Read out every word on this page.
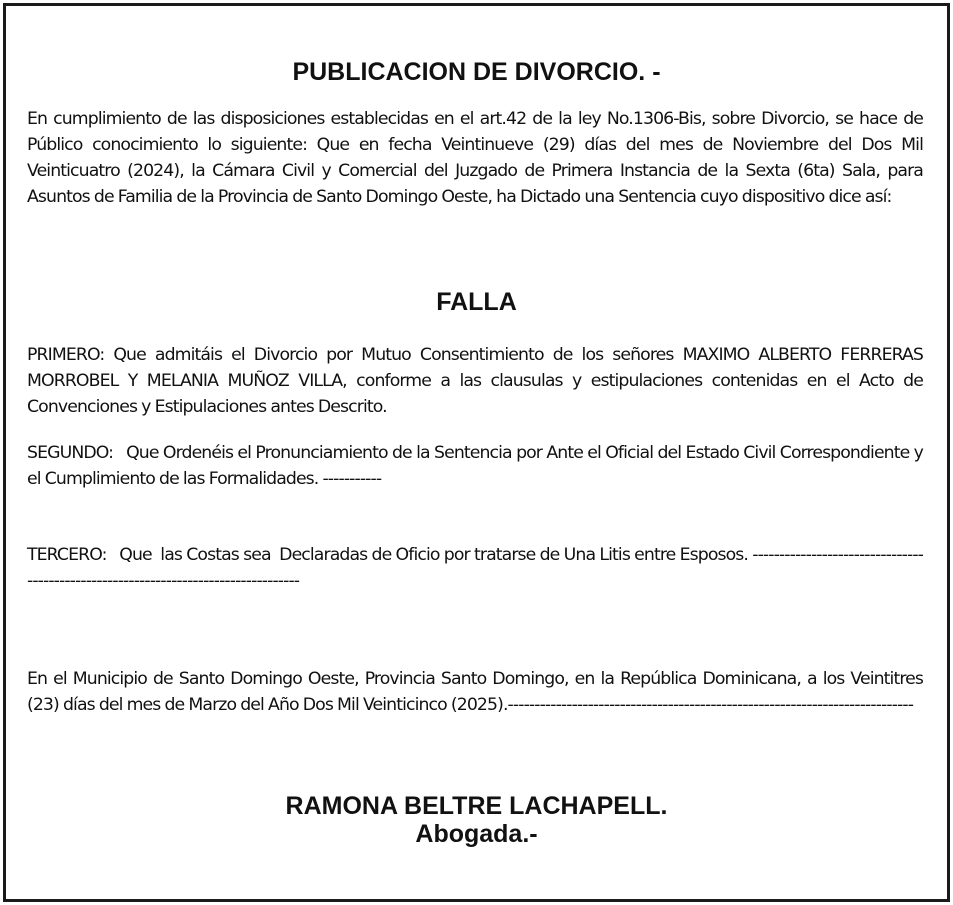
PUBLICACION DE DIVORCIO. -

En cumplimiento de las disposiciones establecidas en el art.42 de la ley No.1306-Bis, sobre Divorcio, se hace de Público conocimiento lo siguiente: Que en fecha Veintinueve (29) días del mes de Noviembre del Dos Mil Veinticuatro (2024), la Cámara Civil y Comercial del Juzgado de Primera Instancia de la Sexta (6ta) Sala, para Asuntos de Familia de la Provincia de Santo Domingo Oeste, ha Dictado una Sentencia cuyo dispositivo dice así:

FALLA

PRIMERO: Que admitáis el Divorcio por Mutuo Consentimiento de los señores MAXIMO ALBERTO FERRERAS MORROBEL Y MELANIA MUÑOZ VILLA, conforme a las clausulas y estipulaciones contenidas en el Acto de Convenciones y Estipulaciones antes Descrito.

SEGUNDO:   Que Ordenéis el Pronunciamiento de la Sentencia por Ante el Oficial del Estado Civil Correspondiente y el Cumplimiento de las Formalidades. -----------

TERCERO:   Que  las Costas sea  Declaradas de Oficio por tratarse de Una Litis entre Esposos. -----------------------------------------------------------------------------------

En el Municipio de Santo Domingo Oeste, Provincia Santo Domingo, en la República Dominicana, a los Veintitres (23) días del mes de Marzo del Año Dos Mil Veinticinco (2025).----------------------------------------------------------------------------

RAMONA BELTRE LACHAPELL.
Abogada.-
